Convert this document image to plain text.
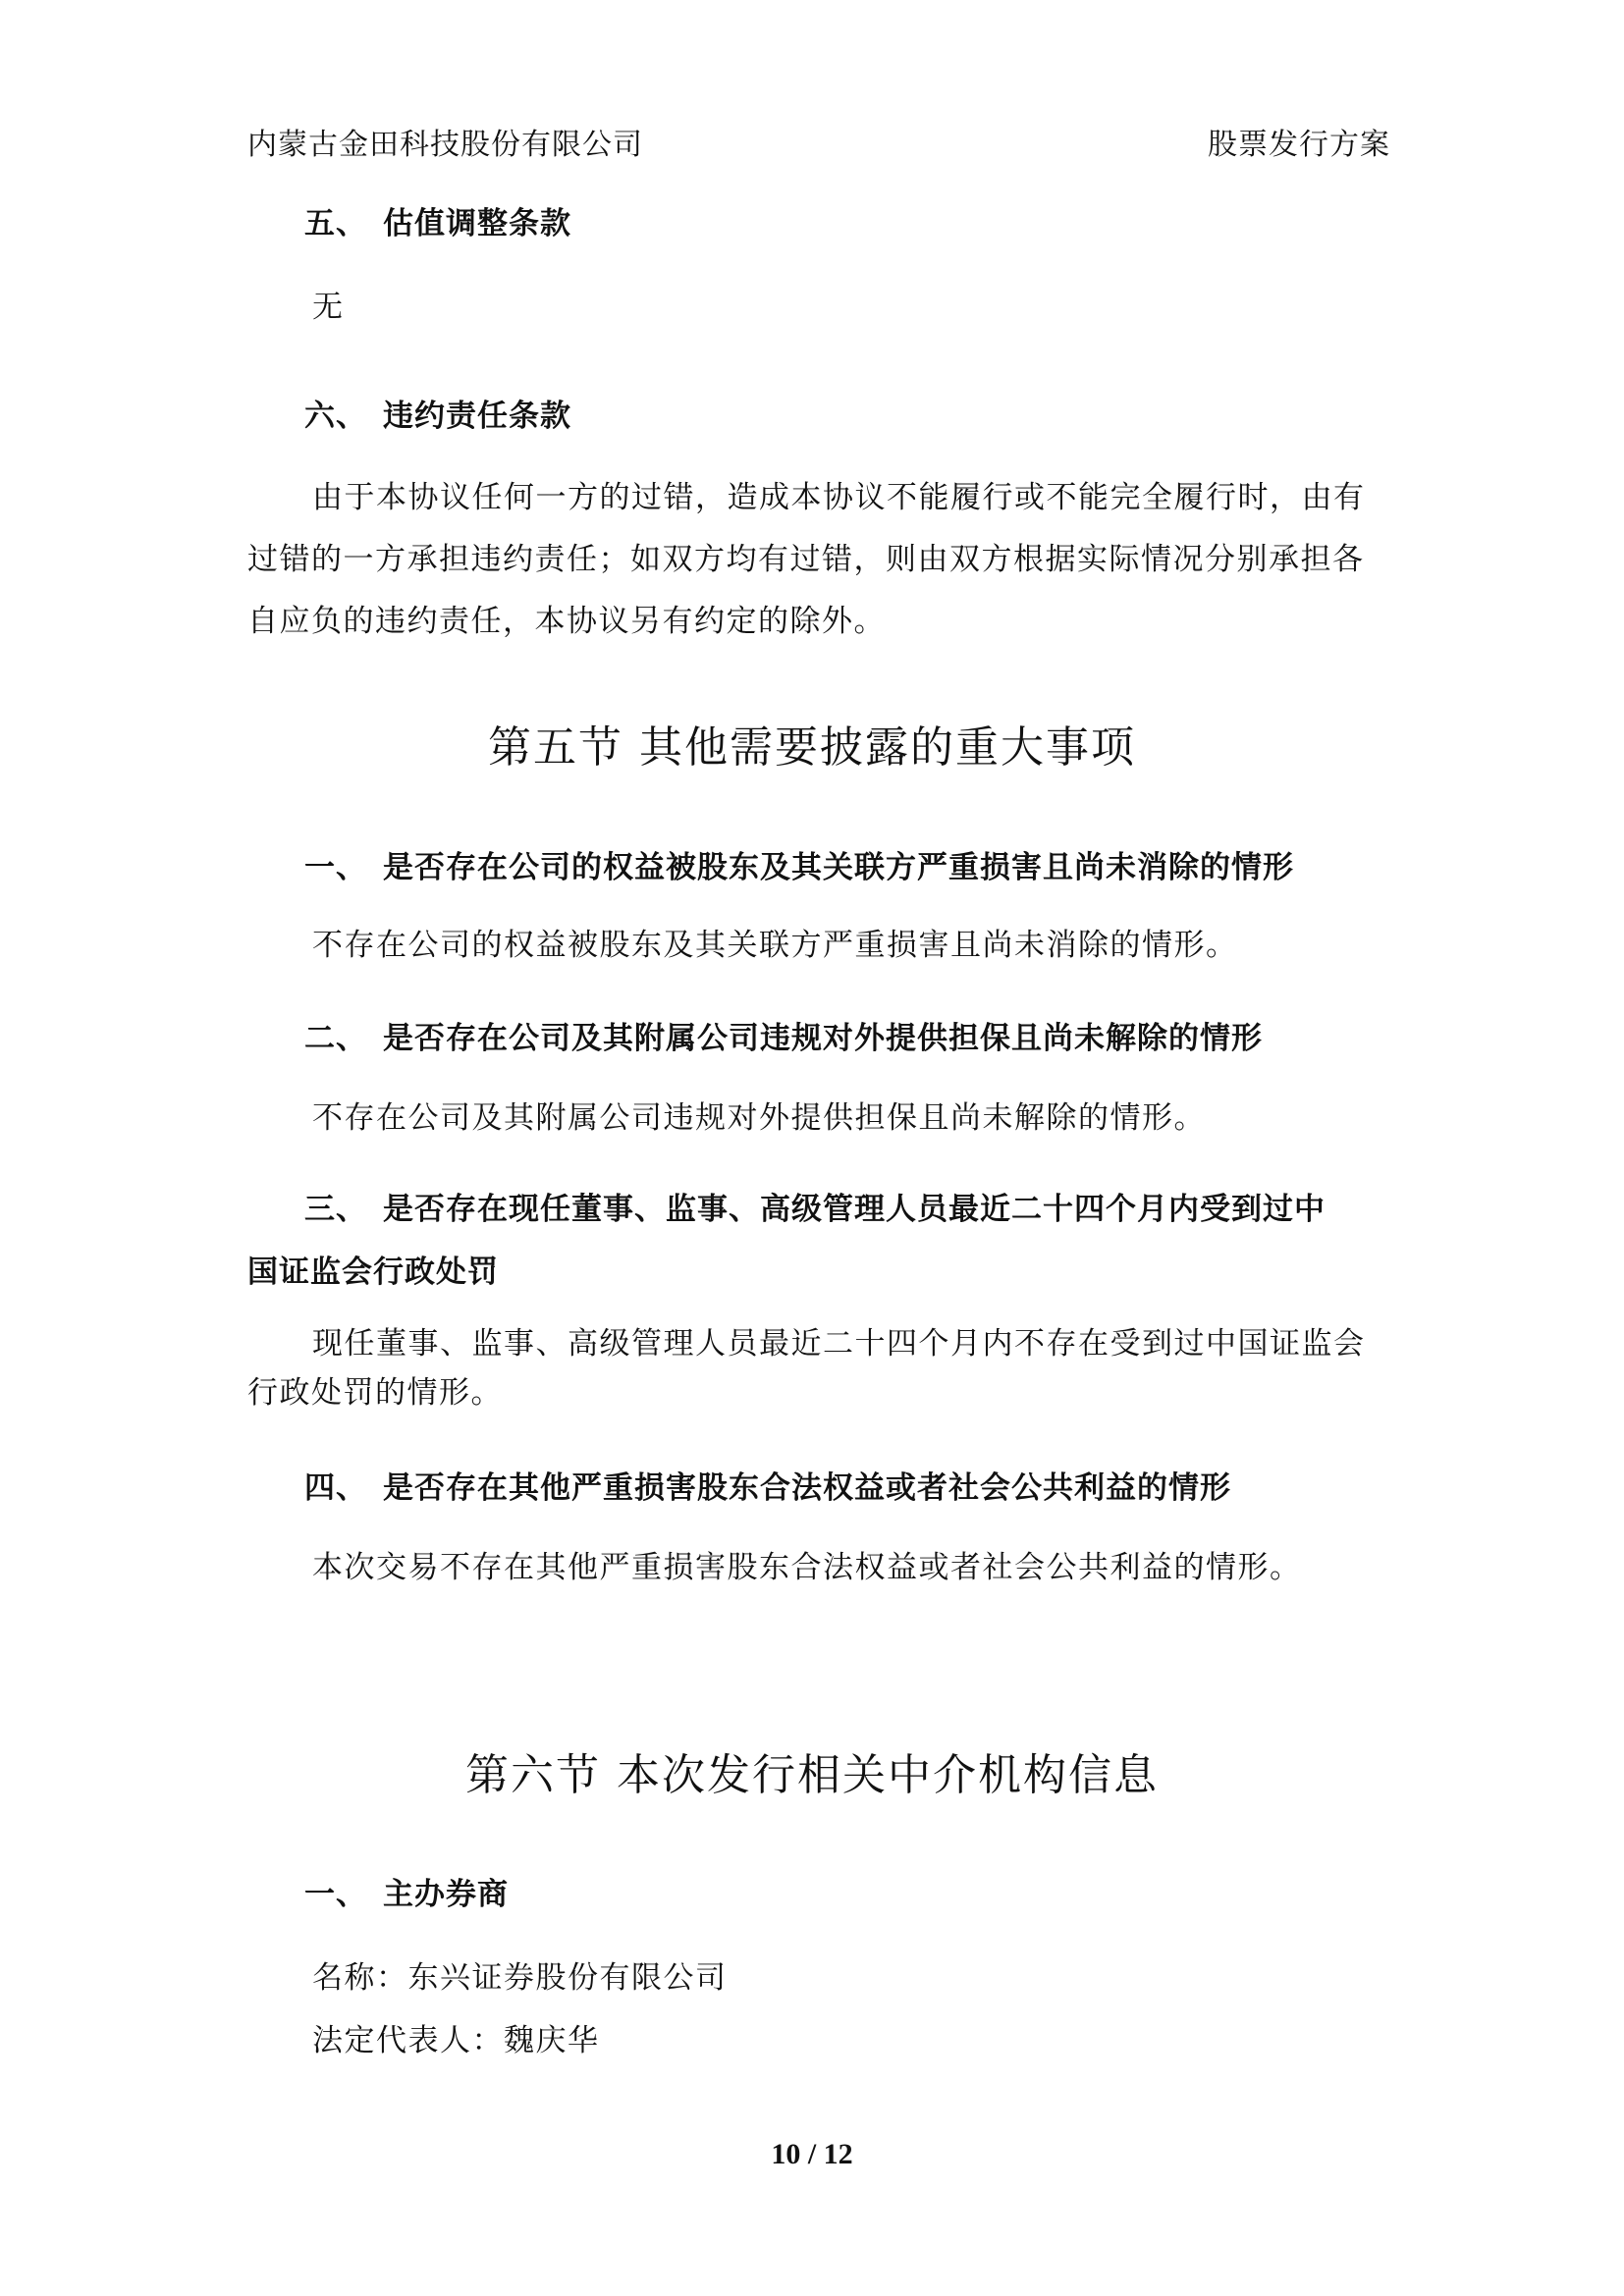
内蒙古金田科技股份有限公司	股票发行方案
五、 估值调整条款
无
六、 违约责任条款
由于本协议任何一方的过错，造成本协议不能履行或不能完全履行时，由有过错的一方承担违约责任；如双方均有过错，则由双方根据实际情况分别承担各自应负的违约责任，本协议另有约定的除外。
第五节 其他需要披露的重大事项
一、 是否存在公司的权益被股东及其关联方严重损害且尚未消除的情形
不存在公司的权益被股东及其关联方严重损害且尚未消除的情形。
二、 是否存在公司及其附属公司违规对外提供担保且尚未解除的情形
不存在公司及其附属公司违规对外提供担保且尚未解除的情形。
三、 是否存在现任董事、监事、高级管理人员最近二十四个月内受到过中
国证监会行政处罚
现任董事、监事、高级管理人员最近二十四个月内不存在受到过中国证监会行政处罚的情形。
四、 是否存在其他严重损害股东合法权益或者社会公共利益的情形
本次交易不存在其他严重损害股东合法权益或者社会公共利益的情形。
第六节 本次发行相关中介机构信息
一、 主办券商
名称：东兴证券股份有限公司
法定代表人：魏庆华
10 / 12
